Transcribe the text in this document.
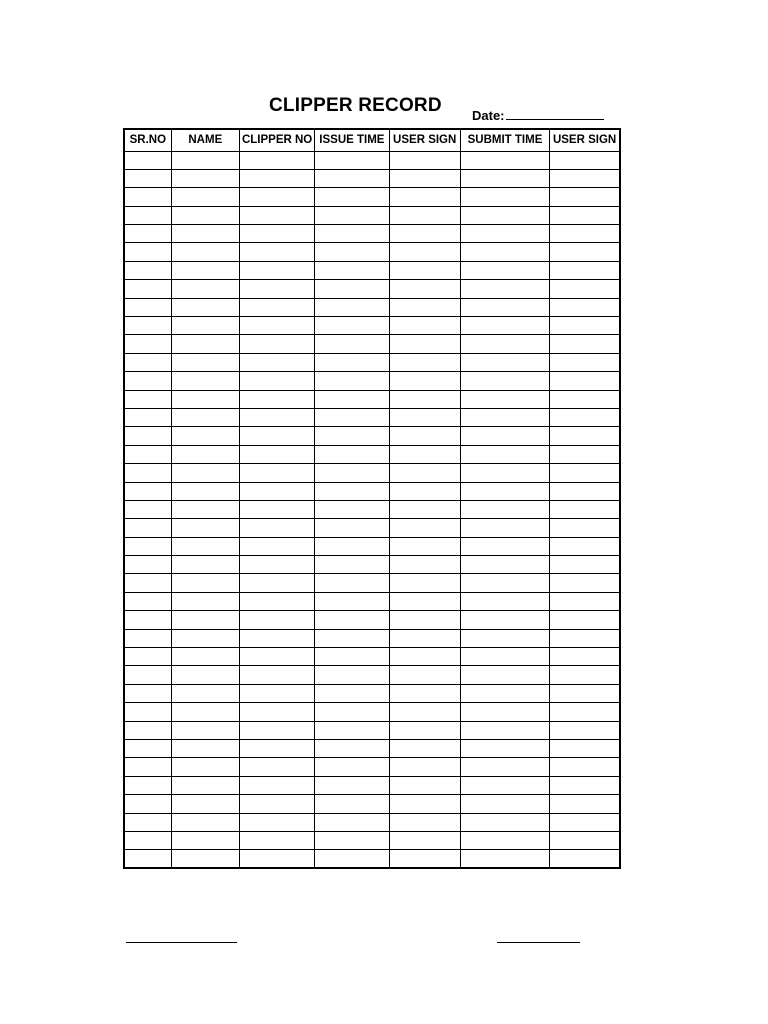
CLIPPER RECORD Date:
SR.NO	NAME	CLIPPER NO	ISSUE TIME	USER SIGN	SUBMIT TIME	USER SIGN
